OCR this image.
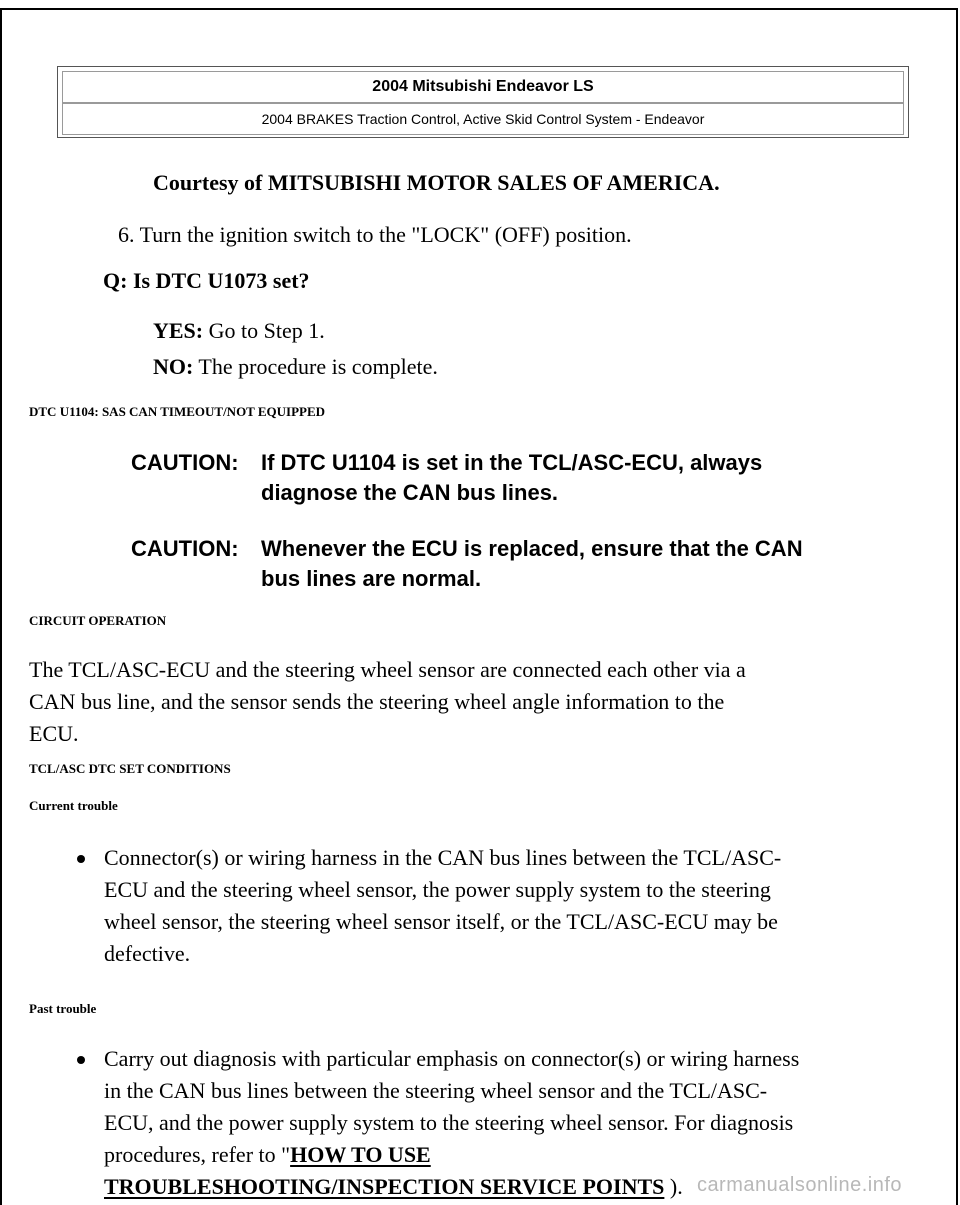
2004 Mitsubishi Endeavor LS
2004 BRAKES Traction Control, Active Skid Control System - Endeavor
Courtesy of MITSUBISHI MOTOR SALES OF AMERICA.
6. Turn the ignition switch to the "LOCK" (OFF) position.
Q: Is DTC U1073 set?
YES: Go to Step 1.
NO: The procedure is complete.
DTC U1104: SAS CAN TIMEOUT/NOT EQUIPPED
CAUTION: If DTC U1104 is set in the TCL/ASC-ECU, always
diagnose the CAN bus lines.
CAUTION: Whenever the ECU is replaced, ensure that the CAN
bus lines are normal.
CIRCUIT OPERATION
The TCL/ASC-ECU and the steering wheel sensor are connected each other via a
CAN bus line, and the sensor sends the steering wheel angle information to the
ECU.
TCL/ASC DTC SET CONDITIONS
Current trouble
Connector(s) or wiring harness in the CAN bus lines between the TCL/ASC-
ECU and the steering wheel sensor, the power supply system to the steering
wheel sensor, the steering wheel sensor itself, or the TCL/ASC-ECU may be
defective.
Past trouble
Carry out diagnosis with particular emphasis on connector(s) or wiring harness
in the CAN bus lines between the steering wheel sensor and the TCL/ASC-
ECU, and the power supply system to the steering wheel sensor. For diagnosis
procedures, refer to "HOW TO USE
TROUBLESHOOTING/INSPECTION SERVICE POINTS ). carmanualsonline.info
